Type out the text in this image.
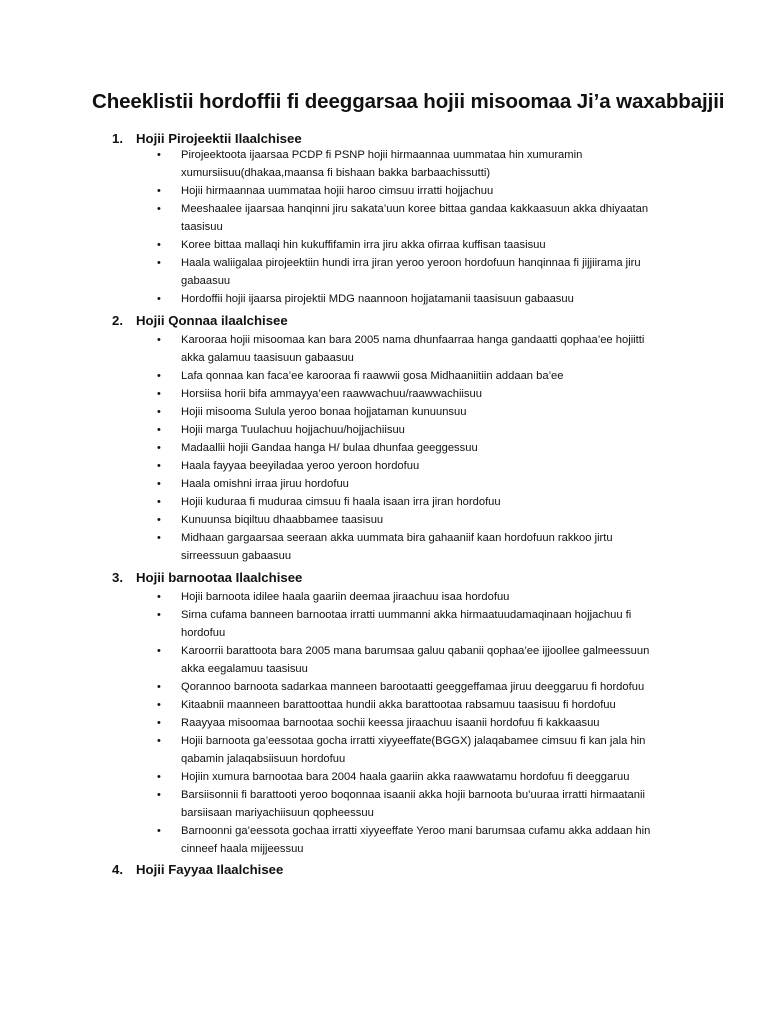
Cheeklistii hordoffii fi deeggarsaa hojii misoomaa Ji’a waxabbajjii
1. Hojii Pirojeektii Ilaalchisee
• Pirojeektoota ijaarsaa PCDP fi PSNP hojii hirmaannaa uummataa hin xumuramin
xumursiisuu(dhakaa,maansa fi bishaan bakka barbaachissutti)
• Hojii hirmaannaa uummataa hojii haroo cimsuu irratti hojjachuu
• Meeshaalee ijaarsaa hanqinni jiru sakata’uun koree bittaa gandaa kakkaasuun akka dhiyaatan
taasisuu
• Koree bittaa mallaqi hin kukuffifamin irra jiru akka ofirraa kuffisan taasisuu
• Haala waliigalaa pirojeektiin hundi irra jiran yeroo yeroon hordofuun hanqinnaa fi jijjiirama jiru
gabaasuu
• Hordoffii hojii ijaarsa pirojektii MDG naannoon hojjatamanii taasisuun gabaasuu
2. Hojii Qonnaa ilaalchisee
• Karooraa hojii misoomaa kan bara 2005 nama dhunfaarraa hanga gandaatti qophaa’ee hojiitti
akka galamuu taasisuun gabaasuu
• Lafa qonnaa kan faca’ee karooraa fi raawwii gosa Midhaaniitiin addaan ba’ee
• Horsiisa horii bifa ammayya’een raawwachuu/raawwachiisuu
• Hojii misooma Sulula yeroo bonaa hojjataman kunuunsuu
• Hojii marga Tuulachuu hojjachuu/hojjachiisuu
• Madaallii hojii Gandaa hanga H/ bulaa dhunfaa geeggessuu
• Haala fayyaa beeyiladaa yeroo yeroon hordofuu
• Haala omishni irraa jiruu hordofuu
• Hojii kuduraa fi muduraa cimsuu fi haala isaan irra jiran hordofuu
• Kunuunsa biqiltuu dhaabbamee taasisuu
• Midhaan gargaarsaa seeraan akka uummata bira gahaaniif kaan hordofuun rakkoo jirtu
sirreessuun gabaasuu
3. Hojii barnootaa Ilaalchisee
• Hojii barnoota idilee haala gaariin deemaa jiraachuu isaa hordofuu
• Sirna cufama banneen barnootaa irratti uummanni akka hirmaatuudamaqinaan hojjachuu fi
hordofuu
• Karoorrii barattoota bara 2005 mana barumsaa galuu qabanii qophaa’ee ijjoollee galmeessuun
akka eegalamuu taasisuu
• Qorannoo barnoota sadarkaa manneen barootaatti geeggeffamaa jiruu deeggaruu fi hordofuu
• Kitaabnii maanneen barattoottaa hundii akka barattootaa rabsamuu taasisuu fi hordofuu
• Raayyaa misoomaa barnootaa sochii keessa jiraachuu isaanii hordofuu fi kakkaasuu
• Hojii barnoota ga’eessotaa gocha irratti xiyyeeffate(BGGX) jalaqabamee cimsuu fi kan jala hin
qabamin jalaqabsiisuun hordofuu
• Hojiin xumura barnootaa bara 2004 haala gaariin akka raawwatamu hordofuu fi deeggaruu
• Barsiisonnii fi barattooti yeroo boqonnaa isaanii akka hojii barnoota bu’uuraa irratti hirmaatanii
barsiisaan mariyachiisuun qopheessuu
• Barnoonni ga’eessota gochaa irratti xiyyeeffate Yeroo mani barumsaa cufamu akka addaan hin
cinneef haala mijjeessuu
4. Hojii Fayyaa Ilaalchisee
